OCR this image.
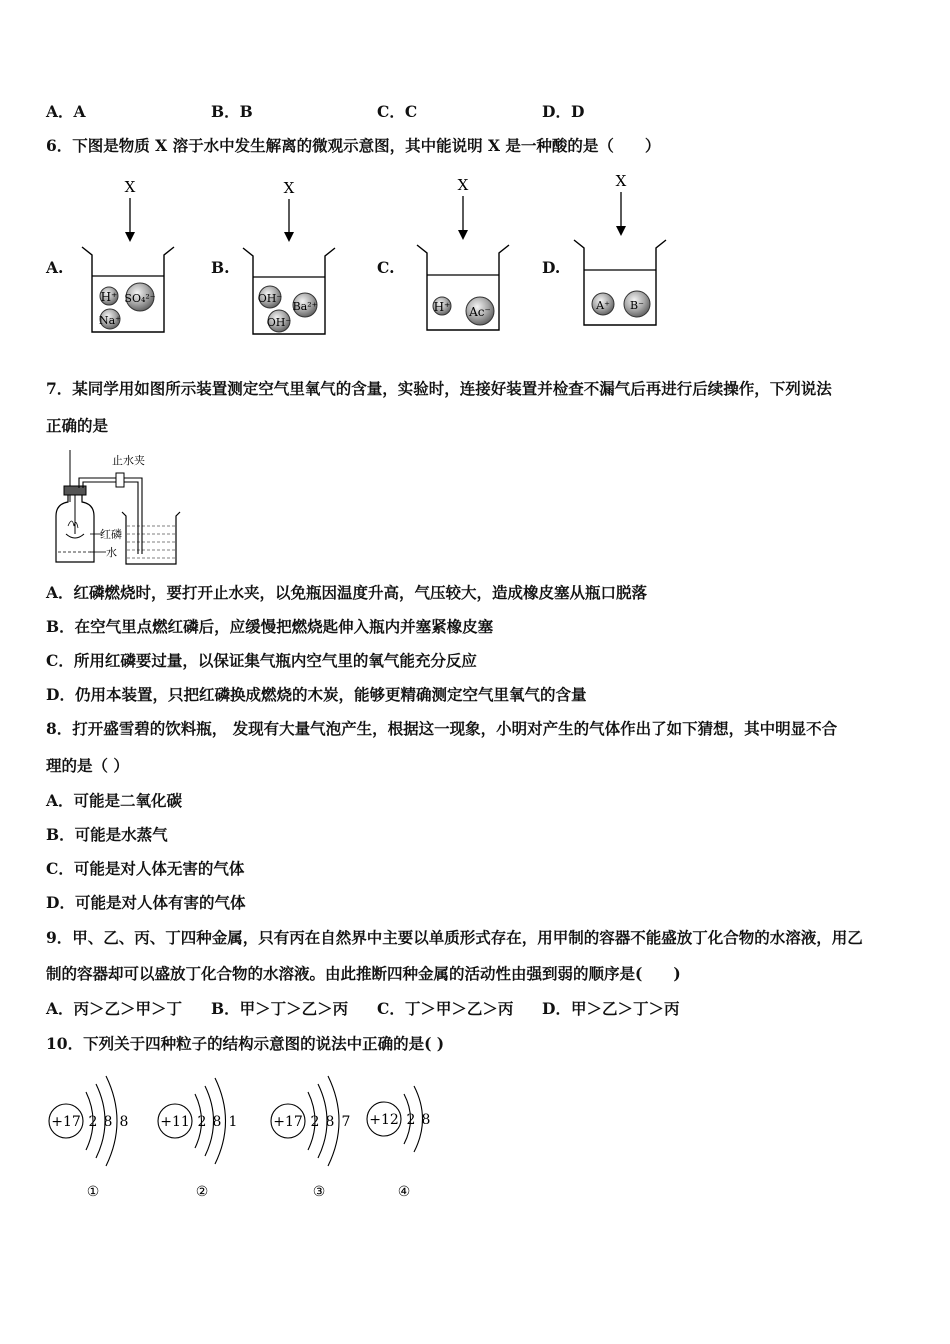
A．A	B．B	C．C	D．D
6．下图是物质 X 溶于水中发生解离的微观示意图，其中能说明 X 是一种酸的是（　　）
A.	B.	C.	D.
X
H⁺ SO₄²⁻
Na⁺
X
OH⁻
Ba²⁺
OH⁻
X
H⁺ Ac⁻
X
A⁺ B⁻
7．某同学用如图所示装置测定空气里氧气的含量，实验时，连接好装置并检查不漏气后再进行后续操作，下列说法
正确的是
止水夹
红磷
水
A．红磷燃烧时，要打开止水夹，以免瓶因温度升高，气压较大，造成橡皮塞从瓶口脱落
B．在空气里点燃红磷后，应缓慢把燃烧匙伸入瓶内并塞紧橡皮塞
C．所用红磷要过量，以保证集气瓶内空气里的氧气能充分反应
D．仍用本装置，只把红磷换成燃烧的木炭，能够更精确测定空气里氧气的含量
8．打开盛雪碧的饮料瓶， 发现有大量气泡产生，根据这一现象，小明对产生的气体作出了如下猜想，其中明显不合
理的是（ ）
A．可能是二氧化碳
B．可能是水蒸气
C．可能是对人体无害的气体
D．可能是对人体有害的气体
9．甲、乙、丙、丁四种金属，只有丙在自然界中主要以单质形式存在，用甲制的容器不能盛放丁化合物的水溶液，用乙
制的容器却可以盛放丁化合物的水溶液。由此推断四种金属的活动性由强到弱的顺序是(　　)
A．丙＞乙＞甲＞丁 B．甲＞丁＞乙＞丙 C．丁＞甲＞乙＞丙 D．甲＞乙＞丁＞丙
10．下列关于四种粒子的结构示意图的说法中正确的是( )
+17 2 8 8
①
+11 2 8 1
②
+17 2 8 7
③
+12 2 8
④
